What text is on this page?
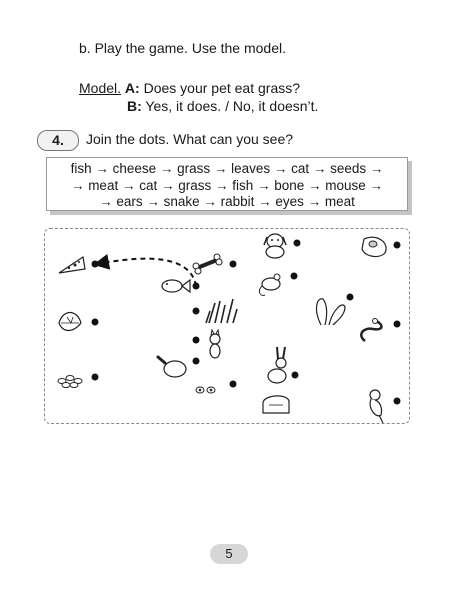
b. Play the game. Use the model.
Model. A: Does your pet eat grass?
B: Yes, it does. / No, it doesn’t.
4.	Join the dots. What can you see?
fish → cheese → grass → leaves → cat → seeds →
→ meat → cat → grass → fish → bone → mouse →
→ ears → snake → rabbit → eyes → meat
5
